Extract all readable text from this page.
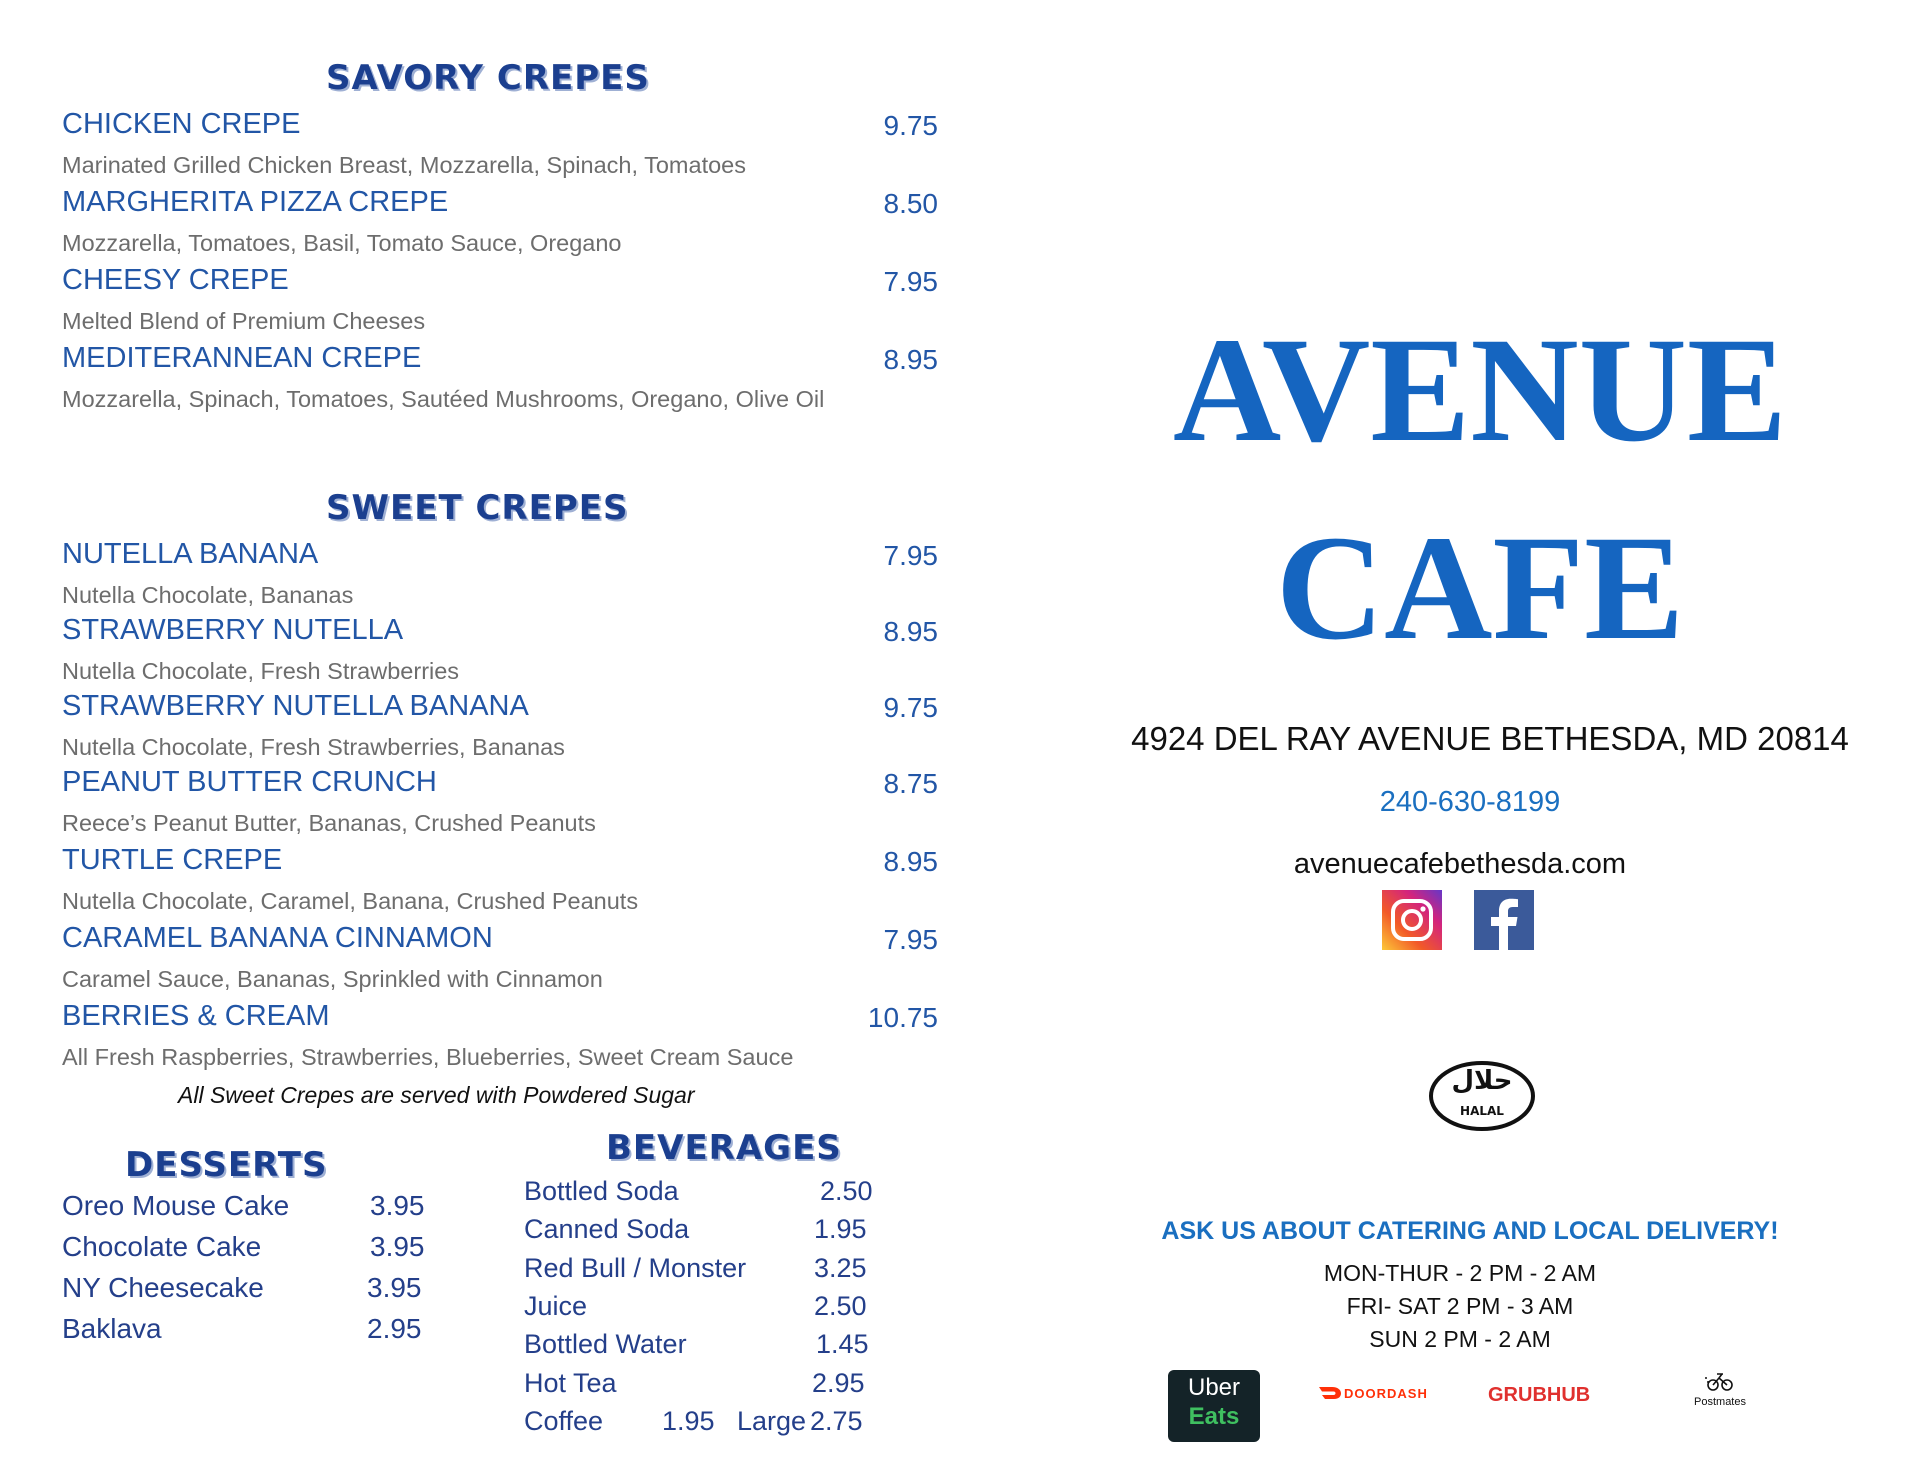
SAVORY CREPES
CHICKEN CREPE	9.75
Marinated Grilled Chicken Breast, Mozzarella, Spinach, Tomatoes
MARGHERITA PIZZA CREPE	8.50
Mozzarella, Tomatoes, Basil, Tomato Sauce, Oregano
CHEESY CREPE	7.95
Melted Blend of Premium Cheeses
MEDITERANNEAN CREPE	8.95
Mozzarella, Spinach, Tomatoes, Sautéed Mushrooms, Oregano, Olive Oil
SWEET CREPES
NUTELLA BANANA	7.95
Nutella Chocolate, Bananas
STRAWBERRY NUTELLA	8.95
Nutella Chocolate, Fresh Strawberries
STRAWBERRY NUTELLA BANANA	9.75
Nutella Chocolate, Fresh Strawberries, Bananas
PEANUT BUTTER CRUNCH	8.75
Reece’s Peanut Butter, Bananas, Crushed Peanuts
TURTLE CREPE	8.95
Nutella Chocolate, Caramel, Banana, Crushed Peanuts
CARAMEL BANANA CINNAMON	7.95
Caramel Sauce, Bananas, Sprinkled with Cinnamon
BERRIES & CREAM	10.75
All Fresh Raspberries, Strawberries, Blueberries, Sweet Cream Sauce
All Sweet Crepes are served with Powdered Sugar
DESSERTS
Oreo Mouse Cake	3.95
Chocolate Cake	3.95
NY Cheesecake	3.95
Baklava	2.95
BEVERAGES
Bottled Soda	2.50
Canned Soda	1.95
Red Bull / Monster	3.25
Juice	2.50
Bottled Water	1.45
Hot Tea	2.95
Coffee 1.95 Large 2.75
AVENUE
CAFE
4924 DEL RAY AVENUE BETHESDA, MD 20814
240-630-8199
avenuecafebethesda.com
حلال
HALAL
ASK US ABOUT CATERING AND LOCAL DELIVERY!
MON-THUR - 2 PM - 2 AM
FRI- SAT 2 PM - 3 AM
SUN 2 PM - 2 AM
Uber
Eats
DOORDASH	GRUBHUB	Postmates
